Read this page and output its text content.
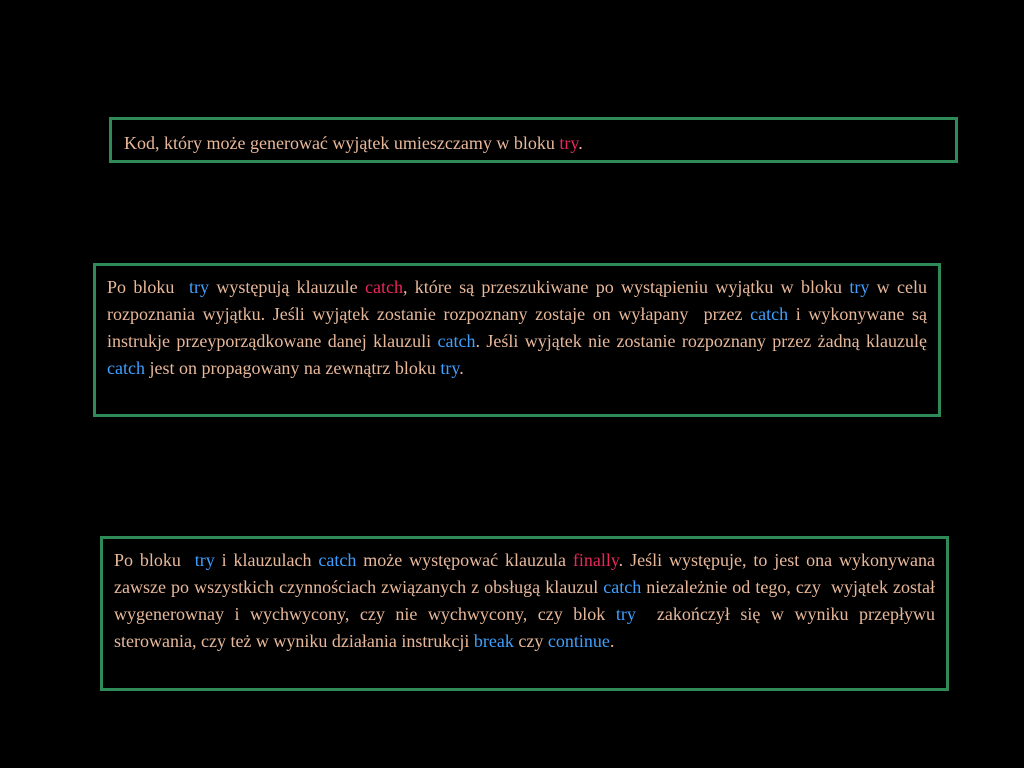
Kod, który może generować wyjątek umieszczamy w bloku try.
Po bloku  try występują klauzule catch, które są przeszukiwane po wystąpieniu wyjątku w bloku try w celu rozpoznania wyjątku. Jeśli wyjątek zostanie rozpoznany zostaje on wyłapany  przez catch i wykonywane są instrukje przeyporządkowane danej klauzuli catch. Jeśli wyjątek nie zostanie rozpoznany przez żadną klauzulę catch jest on propagowany na zewnątrz bloku try.
Po bloku  try i klauzulach catch może występować klauzula finally. Jeśli występuje, to jest ona wykonywana zawsze po wszystkich czynnościach związanych z obsługą klauzul catch niezależnie od tego, czy  wyjątek został wygenerownay i wychwycony, czy nie wychwycony, czy blok try  zakończył się w wyniku przepływu sterowania, czy też w wyniku działania instrukcji break czy continue.
